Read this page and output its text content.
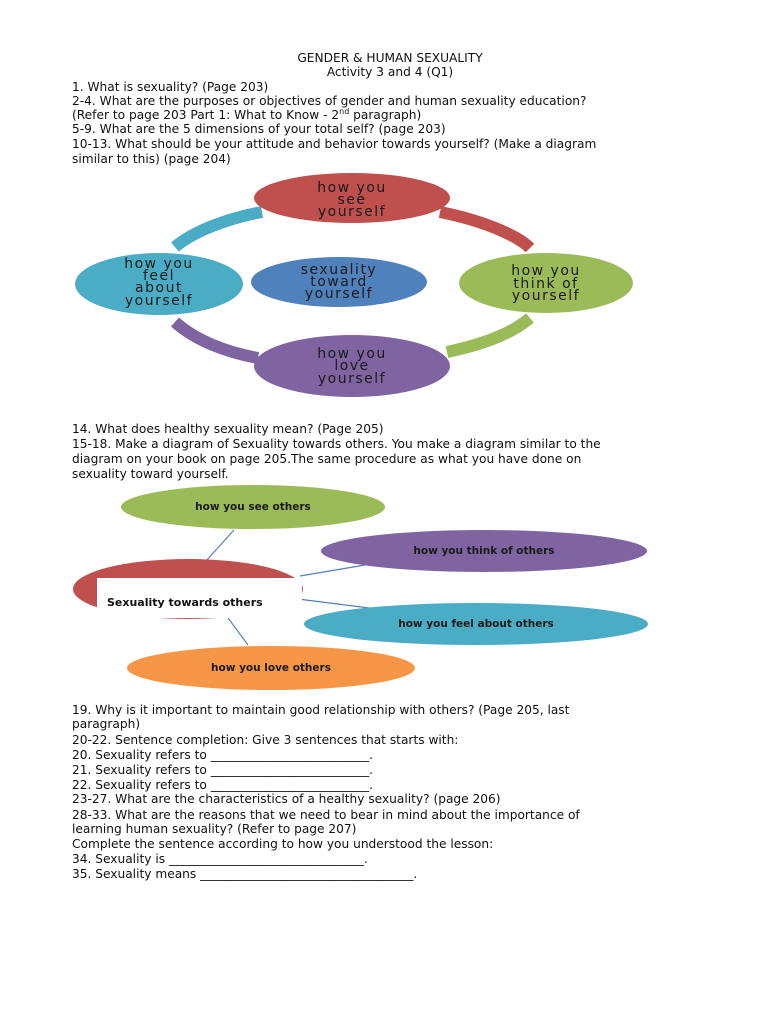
GENDER & HUMAN SEXUALITY
Activity 3 and 4 (Q1)
1. What is sexuality? (Page 203)
2-4. What are the purposes or objectives of gender and human sexuality education?
(Refer to page 203 Part 1: What to Know - 2nd paragraph)
5-9. What are the 5 dimensions of your total self? (page 203)
10-13. What should be your attitude and behavior towards yourself? (Make a diagram
similar to this) (page 204)
how you
see
yourself
how you
think of
yourself
how you
love
yourself
how you
feel
about
yourself
sexuality
toward
yourself
14. What does healthy sexuality mean? (Page 205)
15-18. Make a diagram of Sexuality towards others. You make a diagram similar to the
diagram on your book on page 205.The same procedure as what you have done on
sexuality toward yourself.
how you see others
how you think of others
how you feel about others
how you love others
Sexuality towards others
19. Why is it important to maintain good relationship with others? (Page 205, last
paragraph)
20-22. Sentence completion: Give 3 sentences that starts with:
20. Sexuality refers to __________________________.
21. Sexuality refers to __________________________.
22. Sexuality refers to __________________________.
23-27. What are the characteristics of a healthy sexuality? (page 206)
28-33. What are the reasons that we need to bear in mind about the importance of
learning human sexuality? (Refer to page 207)
Complete the sentence according to how you understood the lesson:
34. Sexuality is ________________________________.
35. Sexuality means ___________________________________.
